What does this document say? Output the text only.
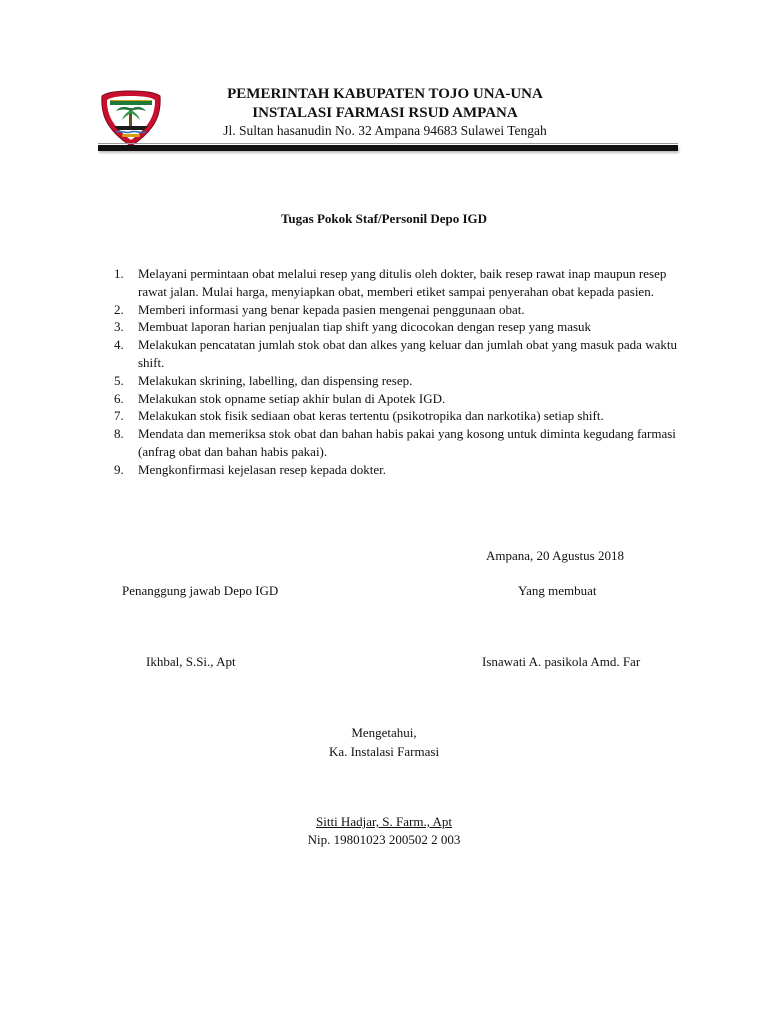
PEMERINTAH KABUPATEN TOJO UNA-UNA
INSTALASI FARMASI RSUD AMPANA
Jl. Sultan hasanudin No. 32 Ampana 94683 Sulawei Tengah
Tugas Pokok Staf/Personil Depo IGD
1. Melayani permintaan obat melalui resep yang ditulis oleh dokter, baik resep rawat inap maupun resep rawat jalan. Mulai harga, menyiapkan obat, memberi etiket sampai penyerahan obat kepada pasien.
2. Memberi informasi yang benar kepada pasien mengenai penggunaan obat.
3. Membuat laporan harian penjualan tiap shift yang dicocokan dengan resep yang masuk
4. Melakukan pencatatan jumlah stok obat dan alkes yang keluar dan jumlah obat yang masuk pada waktu shift.
5. Melakukan skrining, labelling, dan dispensing resep.
6. Melakukan stok opname setiap akhir bulan di Apotek IGD.
7. Melakukan stok fisik sediaan obat keras tertentu (psikotropika dan narkotika) setiap shift.
8. Mendata dan memeriksa stok obat dan bahan habis pakai yang kosong untuk diminta kegudang farmasi (anfrag obat dan bahan habis pakai).
9. Mengkonfirmasi kejelasan resep kepada dokter.
Ampana, 20 Agustus 2018
Penanggung jawab Depo IGD	Yang membuat
Ikhbal, S.Si., Apt	Isnawati A. pasikola Amd. Far
Mengetahui,
Ka. Instalasi Farmasi
Sitti Hadjar, S. Farm., Apt
Nip. 19801023 200502 2 003
